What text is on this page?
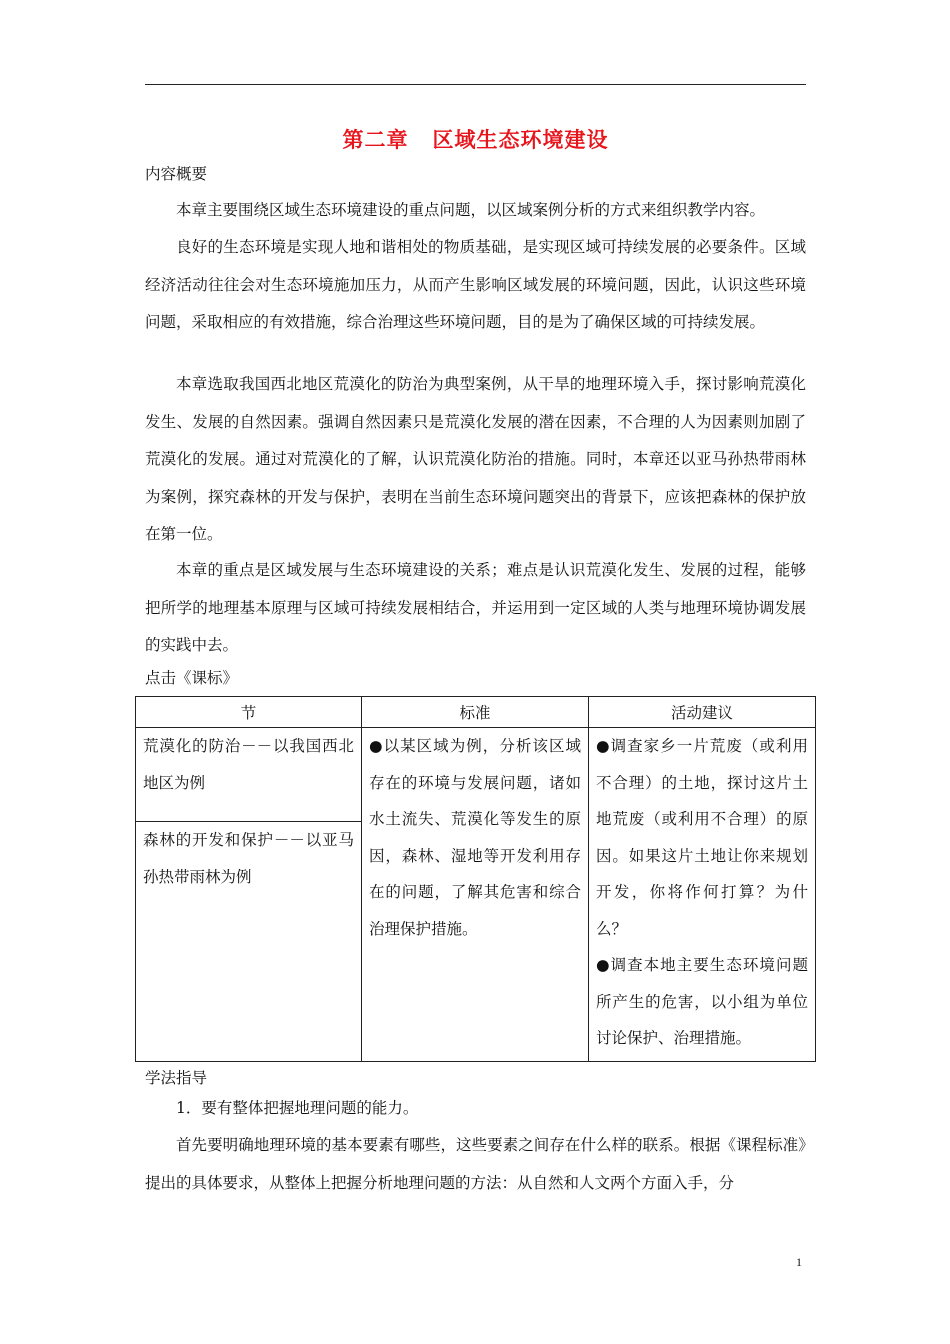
第二章 区域生态环境建设
内容概要

本章主要围绕区域生态环境建设的重点问题，以区域案例分析的方式来组织教学内容。

良好的生态环境是实现人地和谐相处的物质基础，是实现区域可持续发展的必要条件。区域经济活动往往会对生态环境施加压力，从而产生影响区域发展的环境问题，因此，认识这些环境问题，采取相应的有效措施，综合治理这些环境问题，目的是为了确保区域的可持续发展。

本章选取我国西北地区荒漠化的防治为典型案例，从干旱的地理环境入手，探讨影响荒漠化发生、发展的自然因素。强调自然因素只是荒漠化发展的潜在因素，不合理的人为因素则加剧了荒漠化的发展。通过对荒漠化的了解，认识荒漠化防治的措施。同时，本章还以亚马孙热带雨林为案例，探究森林的开发与保护，表明在当前生态环境问题突出的背景下，应该把森林的保护放在第一位。

本章的重点是区域发展与生态环境建设的关系；难点是认识荒漠化发生、发展的过程，能够把所学的地理基本原理与区域可持续发展相结合，并运用到一定区域的人类与地理环境协调发展的实践中去。

点击《课标》
节	标准	活动建议
荒漠化的防治－－以我国西北地区为例	●以某区域为例，分析该区域存在的环境与发展问题，诸如水土流失、荒漠化等发生的原因，森林、湿地等开发利用存在的问题，了解其危害和综合治理保护措施。	●调查家乡一片荒废（或利用不合理）的土地，探讨这片土地荒废（或利用不合理）的原因。如果这片土地让你来规划开发，你将作何打算？为什么？
●调查本地主要生态环境问题所产生的危害，以小组为单位讨论保护、治理措施。

森林的开发和保护－－以亚马孙热带雨林为例		
学法指导

1．要有整体把握地理问题的能力。

首先要明确地理环境的基本要素有哪些，这些要素之间存在什么样的联系。根据《课程标准》提出的具体要求，从整体上把握分析地理问题的方法：从自然和人文两个方面入手，分

1
